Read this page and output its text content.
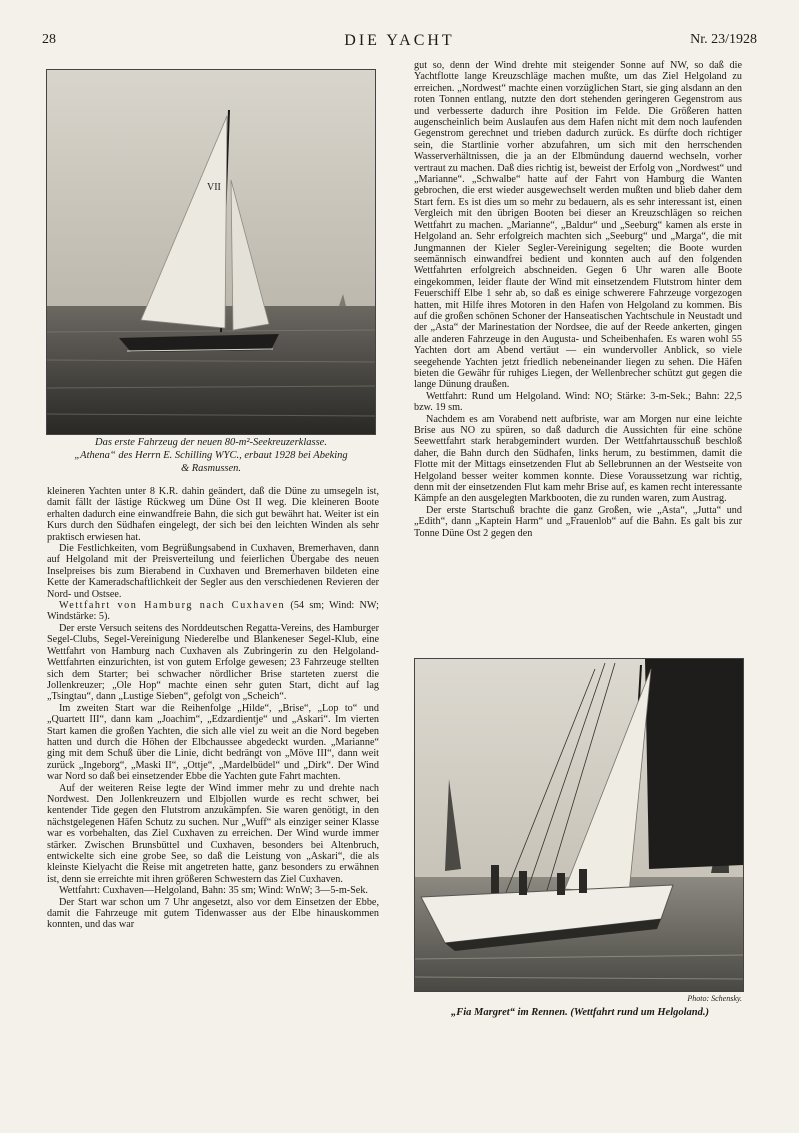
28	DIE YACHT	Nr. 23/1928
VII
Das erste Fahrzeug der neuen 80-m²-Seekreuzerklasse.
„Athena“ des Herrn E. Schilling WYC., erbaut 1928 bei Abeking
& Rasmussen.

kleineren Yachten unter 8 K.R. dahin geändert, daß die Düne zu umsegeln ist, damit fällt der lästige Rückweg um Düne Ost II weg. Die kleineren Boote erhalten dadurch eine einwandfreie Bahn, die sich gut bewährt hat. Weiter ist ein Kurs durch den Südhafen eingelegt, der sich bei den leichten Winden als sehr praktisch erwiesen hat.

Die Festlichkeiten, vom Begrüßungsabend in Cuxhaven, Bremerhaven, dann auf Helgoland mit der Preisverteilung und feierlichen Übergabe des neuen Inselpreises bis zum Bierabend in Cuxhaven und Bremerhaven bildeten eine Kette der Kameradschaftlichkeit der Segler aus den verschiedenen Revieren der Nord- und Ostsee.

Wettfahrt von Hamburg nach Cuxhaven (54 sm; Wind: NW; Windstärke: 5).

Der erste Versuch seitens des Norddeutschen Regatta-Vereins, des Hamburger Segel-Clubs, Segel-Vereinigung Niederelbe und Blankeneser Segel-Klub, eine Wettfahrt von Hamburg nach Cuxhaven als Zubringerin zu den Helgoland-Wettfahrten einzurichten, ist von gutem Erfolge gewesen; 23 Fahrzeuge stellten sich dem Starter; bei schwacher nördlicher Brise starteten zuerst die Jollenkreuzer; „Ole Hop“ machte einen sehr guten Start, dicht auf lag „Tsingtau“, dann „Lustige Sieben“, gefolgt von „Scheich“.

Im zweiten Start war die Reihenfolge „Hilde“, „Brise“, „Lop to“ und „Quartett III“, dann kam „Joachim“, „Edzardientje“ und „Askari“. Im vierten Start kamen die großen Yachten, die sich alle viel zu weit an die Nord begeben hatten und durch die Höhen der Elbchaussee abgedeckt wurden. „Marianne“ ging mit dem Schuß über die Linie, dicht bedrängt von „Möve III“, dann weit zurück „Ingeborg“, „Maski II“, „Ottje“, „Mardelbüdel“ und „Dirk“. Der Wind war Nord so daß bei einsetzender Ebbe die Yachten gute Fahrt machten.

Auf der weiteren Reise legte der Wind immer mehr zu und drehte nach Nordwest. Den Jollenkreuzern und Elbjollen wurde es recht schwer, bei kentender Tide gegen den Flutstrom anzukämpfen. Sie waren genötigt, in den nächstgelegenen Häfen Schutz zu suchen. Nur „Wuff“ als einziger seiner Klasse war es vorbehalten, das Ziel Cuxhaven zu erreichen. Der Wind wurde immer stärker. Zwischen Brunsbüttel und Cuxhaven, besonders bei Altenbruch, entwickelte sich eine grobe See, so daß die Leistung von „Askari“, die als kleinste Kielyacht die Reise mit angetreten hatte, ganz besonders zu erwähnen ist, denn sie erreichte mit ihren größeren Schwestern das Ziel Cuxhaven.

Wettfahrt: Cuxhaven—Helgoland, Bahn: 35 sm; Wind: WnW; 3—5-m-Sek.

Der Start war schon um 7 Uhr angesetzt, also vor dem Einsetzen der Ebbe, damit die Fahrzeuge mit gutem Tidenwasser aus der Elbe hinauskommen konnten, und das war

gut so, denn der Wind drehte mit steigender Sonne auf NW, so daß die Yachtflotte lange Kreuzschläge machen mußte, um das Ziel Helgoland zu erreichen. „Nordwest“ machte einen vorzüglichen Start, sie ging alsdann an den roten Tonnen entlang, nutzte den dort stehenden geringeren Gegenstrom aus und verbesserte dadurch ihre Position im Felde. Die Größeren hatten augenscheinlich beim Auslaufen aus dem Hafen nicht mit dem noch laufenden Gegenstrom gerechnet und trieben dadurch zurück. Es dürfte doch richtiger sein, die Startlinie vorher abzufahren, um sich mit den herrschenden Wasserverhältnissen, die ja an der Elbmündung dauernd wechseln, vorher vertraut zu machen. Daß dies richtig ist, beweist der Erfolg von „Nordwest“ und „Marianne“. „Schwalbe“ hatte auf der Fahrt von Hamburg die Wanten gebrochen, die erst wieder ausgewechselt werden mußten und blieb daher dem Start fern. Es ist dies um so mehr zu bedauern, als es sehr interessant ist, einen Vergleich mit den übrigen Booten bei dieser an Kreuzschlägen so reichen Wettfahrt zu machen. „Marianne“, „Baldur“ und „Seeburg“ kamen als erste in Helgoland an. Sehr erfolgreich machten sich „Seeburg“ und „Marga“, die mit Jungmannen der Kieler Segler-Vereinigung segelten; die Boote wurden seemännisch einwandfrei bedient und konnten auch auf den folgenden Wettfahrten erfolgreich abschneiden. Gegen 6 Uhr waren alle Boote eingekommen, leider flaute der Wind mit einsetzendem Flutstrom hinter dem Feuerschiff Elbe 1 sehr ab, so daß es einige schwerere Fahrzeuge vorgezogen hatten, mit Hilfe ihres Motoren in den Hafen von Helgoland zu kommen. Bis auf die großen schönen Schoner der Hanseatischen Yachtschule in Neustadt und der „Asta“ der Marinestation der Nordsee, die auf der Reede ankerten, gingen alle anderen Fahrzeuge in den Augusta- und Scheibenhafen. Es waren wohl 55 Yachten dort am Abend vertäut — ein wundervoller Anblick, so viele seegehende Yachten jetzt friedlich nebeneinander liegen zu sehen. Die Häfen bieten die Gewähr für ruhiges Liegen, der Wellenbrecher schützt gut gegen die lange Dünung draußen.

Wettfahrt: Rund um Helgoland. Wind: NO; Stärke: 3-m-Sek.; Bahn: 22,5 bzw. 19 sm.

Nachdem es am Vorabend nett aufbriste, war am Morgen nur eine leichte Brise aus NO zu spüren, so daß dadurch die Aussichten für eine schöne Seewettfahrt stark herabgemindert wurden. Der Wettfahrtausschuß beschloß daher, die Bahn durch den Südhafen, links herum, zu bestimmen, damit die Flotte mit der Mittags einsetzenden Flut ab Sellebrunnen an der Westseite von Helgoland besser weiter kommen konnte. Diese Voraussetzung war richtig, denn mit der einsetzenden Flut kam mehr Brise auf, es kamen recht interessante Kämpfe an den ausgelegten Markbooten, die zu runden waren, zum Austrag.

Der erste Startschuß brachte die ganz Großen, wie „Asta“, „Jutta“ und „Edith“, dann „Kaptein Harm“ und „Frauenlob“ auf die Bahn. Es galt bis zur Tonne Düne Ost 2 gegen den

Photo: Schensky.
„Fia Margret“ im Rennen. (Wettfahrt rund um Helgoland.)
